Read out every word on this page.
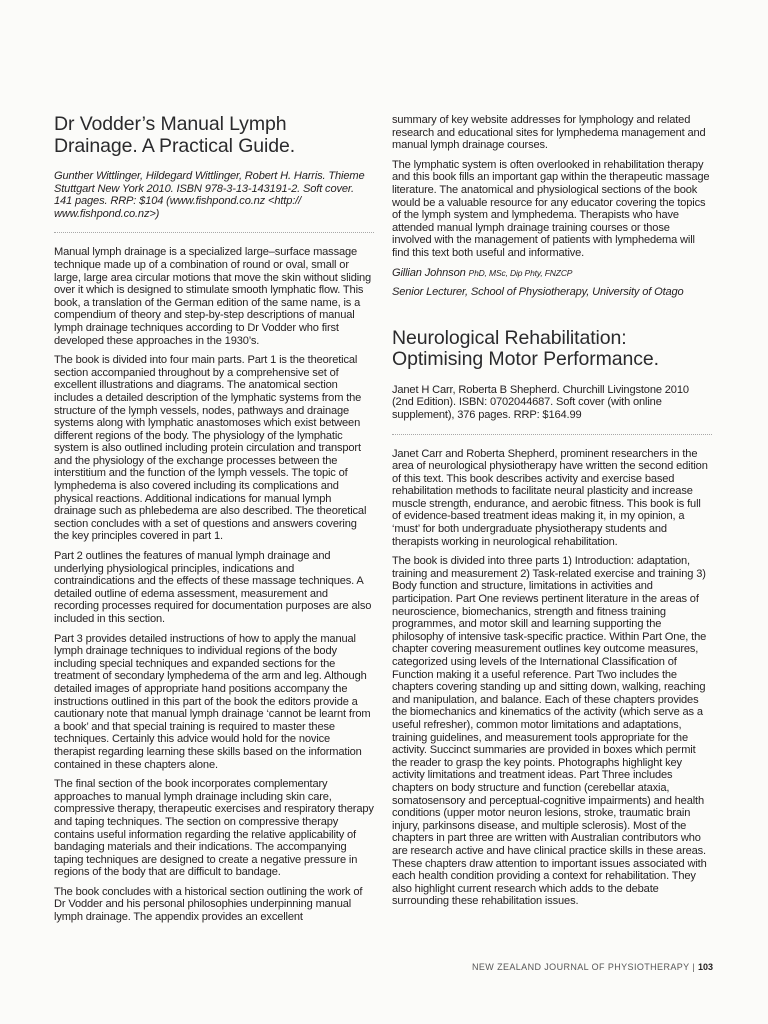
Dr Vodder’s Manual Lymph
Drainage. A Practical Guide.

Gunther Wittlinger, Hildegard Wittlinger, Robert H. Harris. Thieme Stuttgart New York 2010. ISBN 978-3-13-143191-2. Soft cover. 141 pages. RRP: $104 (www.fishpond.co.nz <http:// www.fishpond.co.nz>)

Manual lymph drainage is a specialized large–surface massage technique made up of a combination of round or oval, small or large, large area circular motions that move the skin without sliding over it which is designed to stimulate smooth lymphatic flow. This book, a translation of the German edition of the same name, is a compendium of theory and step-by-step descriptions of manual lymph drainage techniques according to Dr Vodder who first developed these approaches in the 1930’s.

The book is divided into four main parts. Part 1 is the theoretical section accompanied throughout by a comprehensive set of excellent illustrations and diagrams. The anatomical section includes a detailed description of the lymphatic systems from the structure of the lymph vessels, nodes, pathways and drainage systems along with lymphatic anastomoses which exist between different regions of the body. The physiology of the lymphatic system is also outlined including protein circulation and transport and the physiology of the exchange processes between the interstitium and the function of the lymph vessels. The topic of lymphedema is also covered including its complications and physical reactions. Additional indications for manual lymph drainage such as phlebedema are also described. The theoretical section concludes with a set of questions and answers covering the key principles covered in part 1.

Part 2 outlines the features of manual lymph drainage and underlying physiological principles, indications and contraindications and the effects of these massage techniques. A detailed outline of edema assessment, measurement and recording processes required for documentation purposes are also included in this section.

Part 3 provides detailed instructions of how to apply the manual lymph drainage techniques to individual regions of the body including special techniques and expanded sections for the treatment of secondary lymphedema of the arm and leg. Although detailed images of appropriate hand positions accompany the instructions outlined in this part of the book the editors provide a cautionary note that manual lymph drainage ‘cannot be learnt from a book’ and that special training is required to master these techniques. Certainly this advice would hold for the novice therapist regarding learning these skills based on the information contained in these chapters alone.

The final section of the book incorporates complementary approaches to manual lymph drainage including skin care, compressive therapy, therapeutic exercises and respiratory therapy and taping techniques. The section on compressive therapy contains useful information regarding the relative applicability of bandaging materials and their indications. The accompanying taping techniques are designed to create a negative pressure in regions of the body that are difficult to bandage.

The book concludes with a historical section outlining the work of Dr Vodder and his personal philosophies underpinning manual lymph drainage. The appendix provides an excellent

summary of key website addresses for lymphology and related research and educational sites for lymphedema management and manual lymph drainage courses.

The lymphatic system is often overlooked in rehabilitation therapy and this book fills an important gap within the therapeutic massage literature. The anatomical and physiological sections of the book would be a valuable resource for any educator covering the topics of the lymph system and lymphedema. Therapists who have attended manual lymph drainage training courses or those involved with the management of patients with lymphedema will find this text both useful and informative.

Gillian Johnson PhD, MSc, Dip Phty, FNZCP

Senior Lecturer, School of Physiotherapy, University of Otago

Neurological Rehabilitation:
Optimising Motor Performance.

Janet H Carr, Roberta B Shepherd. Churchill Livingstone 2010 (2nd Edition). ISBN: 0702044687. Soft cover (with online supplement), 376 pages. RRP: $164.99

Janet Carr and Roberta Shepherd, prominent researchers in the area of neurological physiotherapy have written the second edition of this text. This book describes activity and exercise based rehabilitation methods to facilitate neural plasticity and increase muscle strength, endurance, and aerobic fitness. This book is full of evidence-based treatment ideas making it, in my opinion, a ‘must’ for both undergraduate physiotherapy students and therapists working in neurological rehabilitation.

The book is divided into three parts 1) Introduction: adaptation, training and measurement 2) Task-related exercise and training 3) Body function and structure, limitations in activities and participation. Part One reviews pertinent literature in the areas of neuroscience, biomechanics, strength and fitness training programmes, and motor skill and learning supporting the philosophy of intensive task-specific practice. Within Part One, the chapter covering measurement outlines key outcome measures, categorized using levels of the International Classification of Function making it a useful reference. Part Two includes the chapters covering standing up and sitting down, walking, reaching and manipulation, and balance. Each of these chapters provides the biomechanics and kinematics of the activity (which serve as a useful refresher), common motor limitations and adaptations, training guidelines, and measurement tools appropriate for the activity. Succinct summaries are provided in boxes which permit the reader to grasp the key points. Photographs highlight key activity limitations and treatment ideas. Part Three includes chapters on body structure and function (cerebellar ataxia, somatosensory and perceptual-cognitive impairments) and health conditions (upper motor neuron lesions, stroke, traumatic brain injury, parkinsons disease, and multiple sclerosis). Most of the chapters in part three are written with Australian contributors who are research active and have clinical practice skills in these areas. These chapters draw attention to important issues associated with each health condition providing a context for rehabilitation. They also highlight current research which adds to the debate surrounding these rehabilitation issues.

NEW ZEALAND JOURNAL OF PHYSIOTHERAPY | 103
